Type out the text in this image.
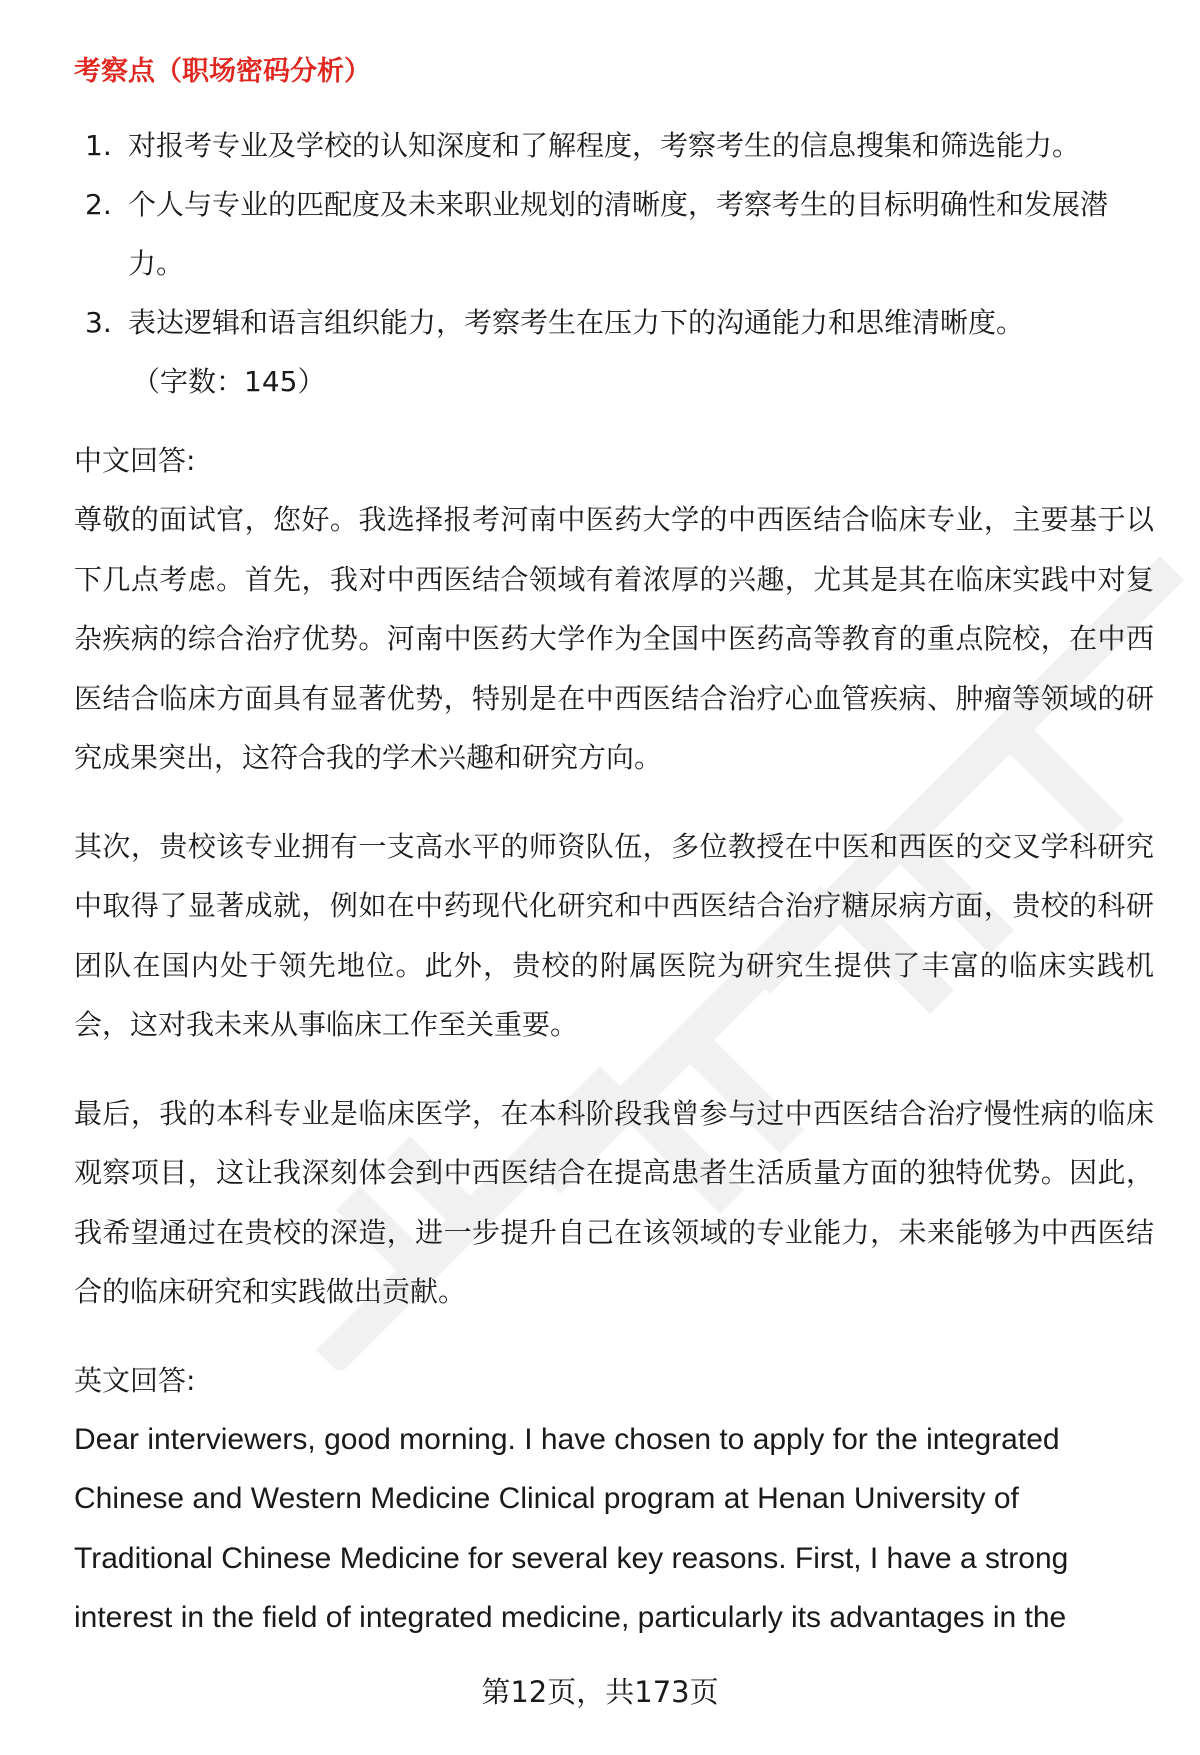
考察点（职场密码分析）
1. 对报考专业及学校的认知深度和了解程度，考察考生的信息搜集和筛选能力。
2. 个人与专业的匹配度及未来职业规划的清晰度，考察考生的目标明确性和发展潜力。
3. 表达逻辑和语言组织能力，考察考生在压力下的沟通能力和思维清晰度。
（字数：145）
中文回答:

尊敬的面试官，您好。我选择报考河南中医药大学的中西医结合临床专业，主要基于以下几点考虑。首先，我对中西医结合领域有着浓厚的兴趣，尤其是其在临床实践中对复杂疾病的综合治疗优势。河南中医药大学作为全国中医药高等教育的重点院校，在中西医结合临床方面具有显著优势，特别是在中西医结合治疗心血管疾病、肿瘤等领域的研究成果突出，这符合我的学术兴趣和研究方向。

其次，贵校该专业拥有一支高水平的师资队伍，多位教授在中医和西医的交叉学科研究中取得了显著成就，例如在中药现代化研究和中西医结合治疗糖尿病方面，贵校的科研团队在国内处于领先地位。此外，贵校的附属医院为研究生提供了丰富的临床实践机会，这对我未来从事临床工作至关重要。

最后，我的本科专业是临床医学，在本科阶段我曾参与过中西医结合治疗慢性病的临床观察项目，这让我深刻体会到中西医结合在提高患者生活质量方面的独特优势。因此，我希望通过在贵校的深造，进一步提升自己在该领域的专业能力，未来能够为中西医结合的临床研究和实践做出贡献。

英文回答:

Dear interviewers, good morning. I have chosen to apply for the integrated Chinese and Western Medicine Clinical program at Henan University of Traditional Chinese Medicine for several key reasons. First, I have a strong interest in the field of integrated medicine, particularly its advantages in the

第12页，共173页
